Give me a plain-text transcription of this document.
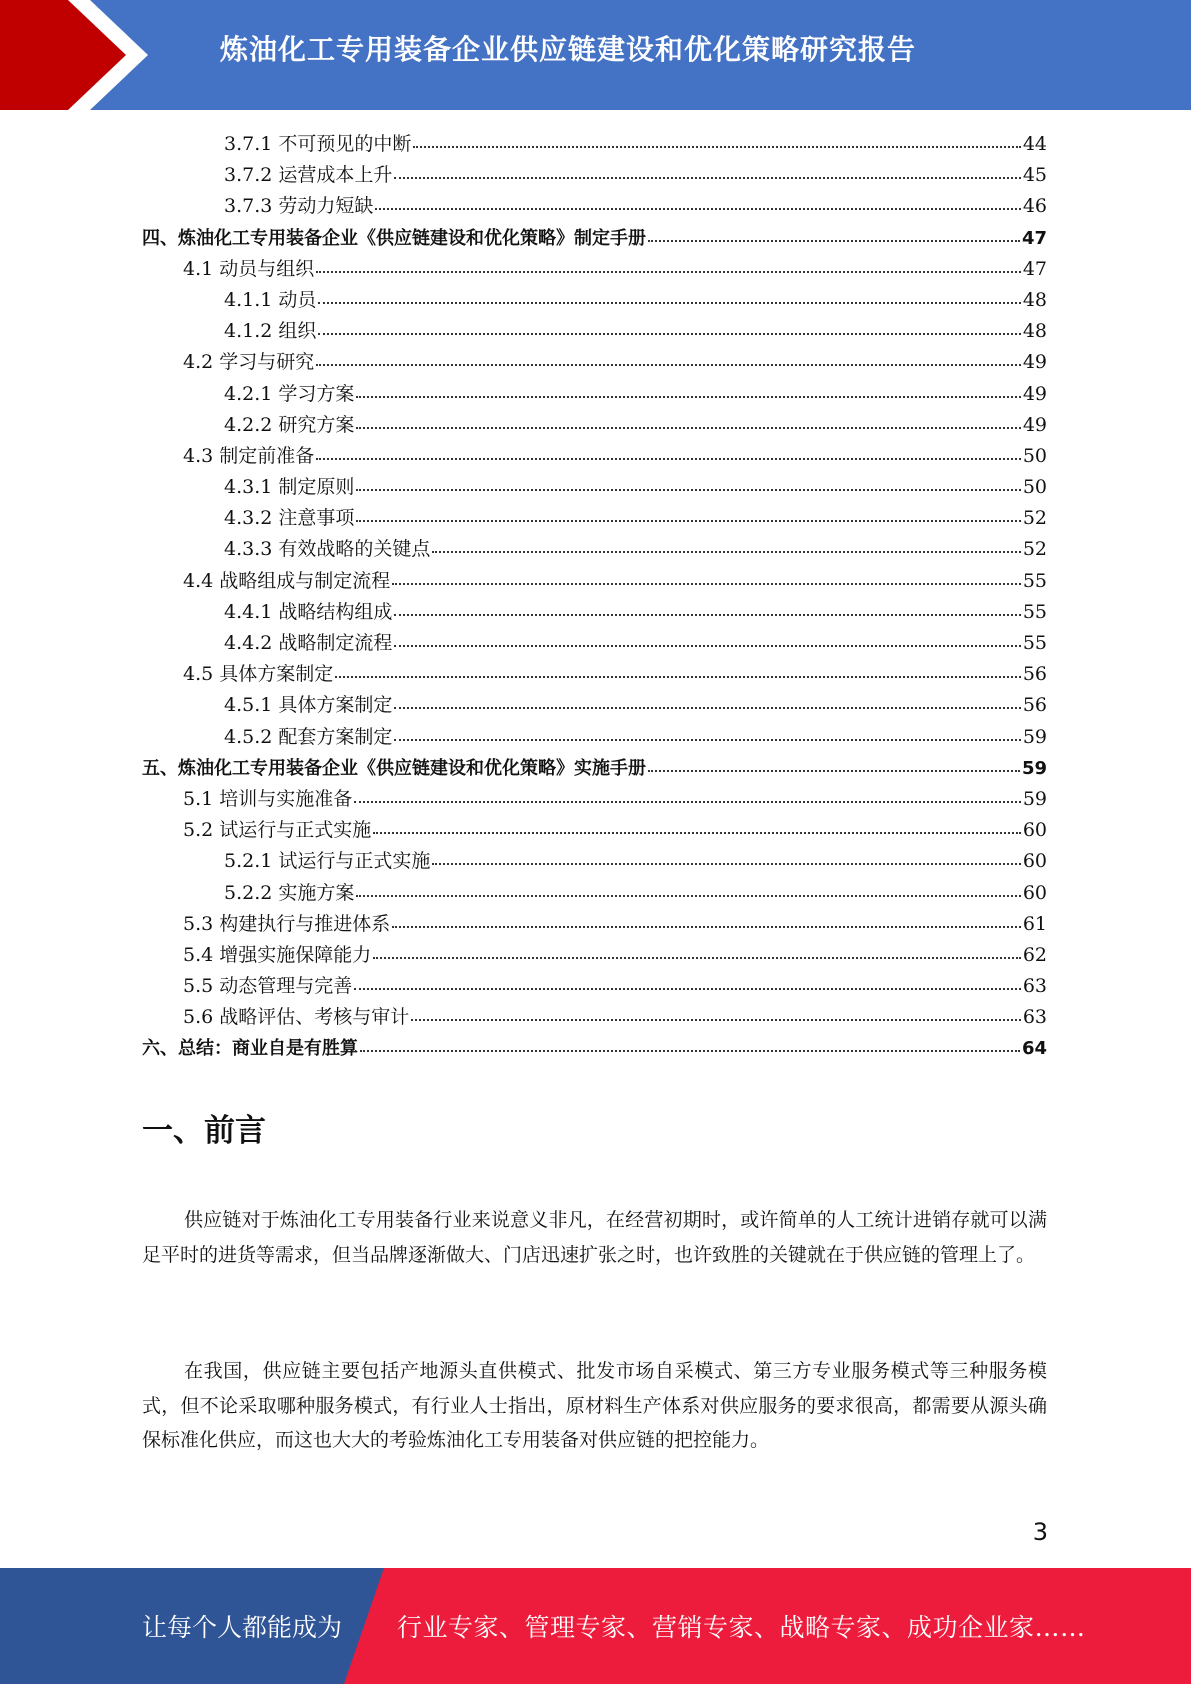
炼油化工专用装备企业供应链建设和优化策略研究报告
3.7.1 不可预见的中断	44
3.7.2 运营成本上升	45
3.7.3 劳动力短缺	46
四、炼油化工专用装备企业《供应链建设和优化策略》制定手册	47
4.1 动员与组织	47
4.1.1 动员	48
4.1.2 组织	48
4.2 学习与研究	49
4.2.1 学习方案	49
4.2.2 研究方案	49
4.3 制定前准备	50
4.3.1 制定原则	50
4.3.2 注意事项	52
4.3.3 有效战略的关键点	52
4.4 战略组成与制定流程	55
4.4.1 战略结构组成	55
4.4.2 战略制定流程	55
4.5 具体方案制定	56
4.5.1 具体方案制定	56
4.5.2 配套方案制定	59
五、炼油化工专用装备企业《供应链建设和优化策略》实施手册	59
5.1 培训与实施准备	59
5.2 试运行与正式实施	60
5.2.1 试运行与正式实施	60
5.2.2 实施方案	60
5.3 构建执行与推进体系	61
5.4 增强实施保障能力	62
5.5 动态管理与完善	63
5.6 战略评估、考核与审计	63
六、总结：商业自是有胜算	64
一、前言

供应链对于炼油化工专用装备行业来说意义非凡，在经营初期时，或许简单的人工统计进销存就可以满足平时的进货等需求，但当品牌逐渐做大、门店迅速扩张之时，也许致胜的关键就在于供应链的管理上了。

在我国，供应链主要包括产地源头直供模式、批发市场自采模式、第三方专业服务模式等三种服务模式，但不论采取哪种服务模式，有行业人士指出，原材料生产体系对供应服务的要求很高，都需要从源头确保标准化供应，而这也大大的考验炼油化工专用装备对供应链的把控能力。

3
让每个人都能成为 行业专家、管理专家、营销专家、战略专家、成功企业家……
